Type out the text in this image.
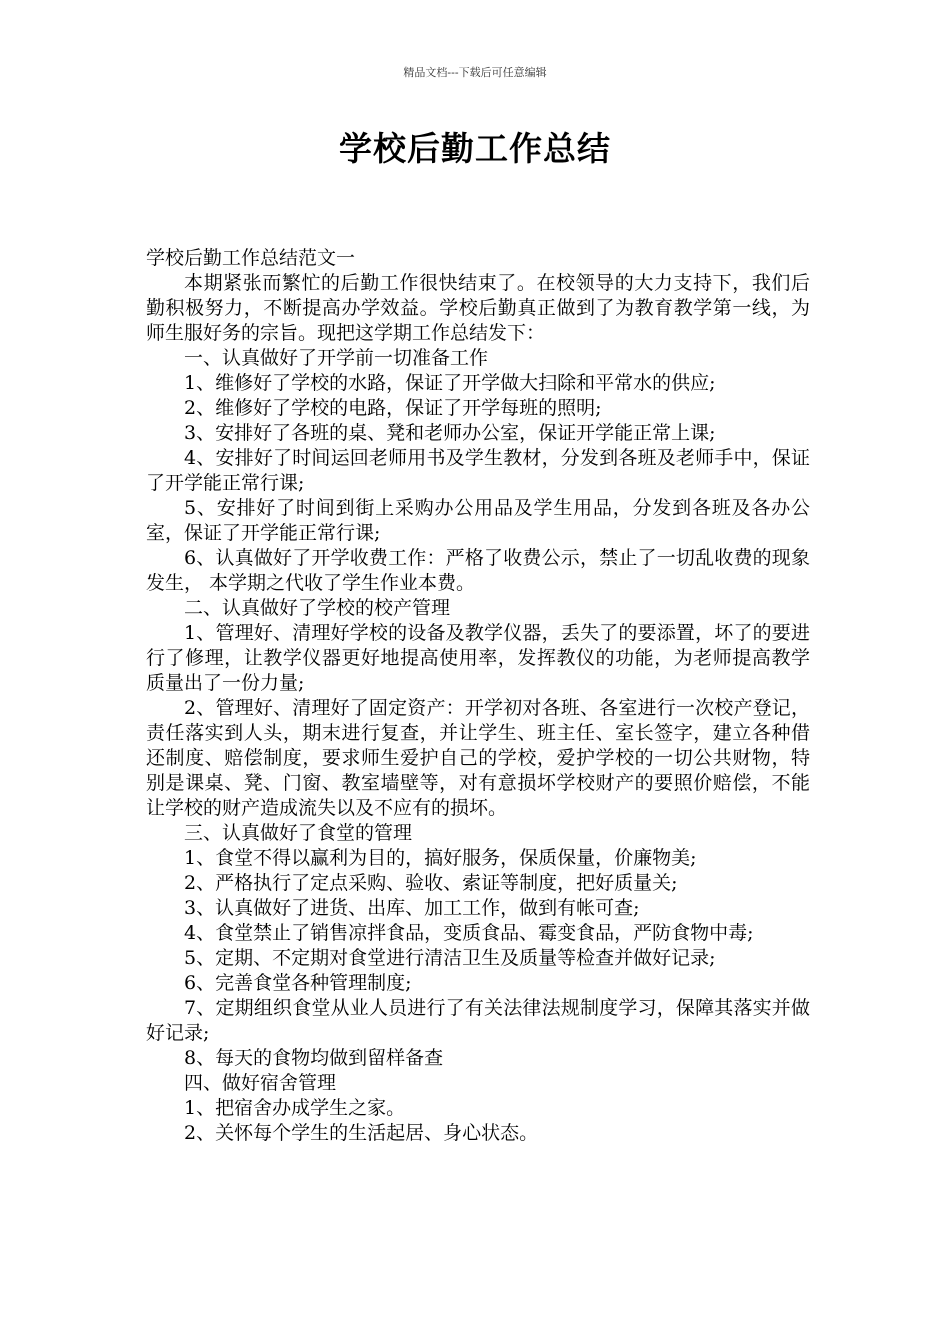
精品文档---下载后可任意编辑
学校后勤工作总结

学校后勤工作总结范文一

本期紧张而繁忙的后勤工作很快结束了。在校领导的大力支持下，我们后勤积极努力，不断提高办学效益。学校后勤真正做到了为教育教学第一线，为师生服好务的宗旨。现把这学期工作总结发下：

一、认真做好了开学前一切准备工作

1、维修好了学校的水路，保证了开学做大扫除和平常水的供应;

2、维修好了学校的电路，保证了开学每班的照明;

3、安排好了各班的桌、凳和老师办公室，保证开学能正常上课;

4、安排好了时间运回老师用书及学生教材，分发到各班及老师手中，保证了开学能正常行课;

5、安排好了时间到街上采购办公用品及学生用品，分发到各班及各办公室，保证了开学能正常行课;

6、认真做好了开学收费工作：严格了收费公示，禁止了一切乱收费的现象发生， 本学期之代收了学生作业本费。

二、认真做好了学校的校产管理

1、管理好、清理好学校的设备及教学仪器，丢失了的要添置，坏了的要进行了修理，让教学仪器更好地提高使用率，发挥教仪的功能，为老师提高教学质量出了一份力量;

2、管理好、清理好了固定资产：开学初对各班、各室进行一次校产登记，责任落实到人头，期末进行复查，并让学生、班主任、室长签字，建立各种借还制度、赔偿制度，要求师生爱护自己的学校，爱护学校的一切公共财物，特别是课桌、凳、门窗、教室墙壁等，对有意损坏学校财产的要照价赔偿，不能让学校的财产造成流失以及不应有的损坏。

三、认真做好了食堂的管理

1、食堂不得以赢利为目的，搞好服务，保质保量，价廉物美;

2、严格执行了定点采购、验收、索证等制度，把好质量关;

3、认真做好了进货、出库、加工工作，做到有帐可查;

4、食堂禁止了销售凉拌食品，变质食品、霉变食品，严防食物中毒;

5、定期、不定期对食堂进行清洁卫生及质量等检查并做好记录;

6、完善食堂各种管理制度;

7、定期组织食堂从业人员进行了有关法律法规制度学习，保障其落实并做好记录;

8、每天的食物均做到留样备查

四、做好宿舍管理

1、把宿舍办成学生之家。

2、关怀每个学生的生活起居、身心状态。
